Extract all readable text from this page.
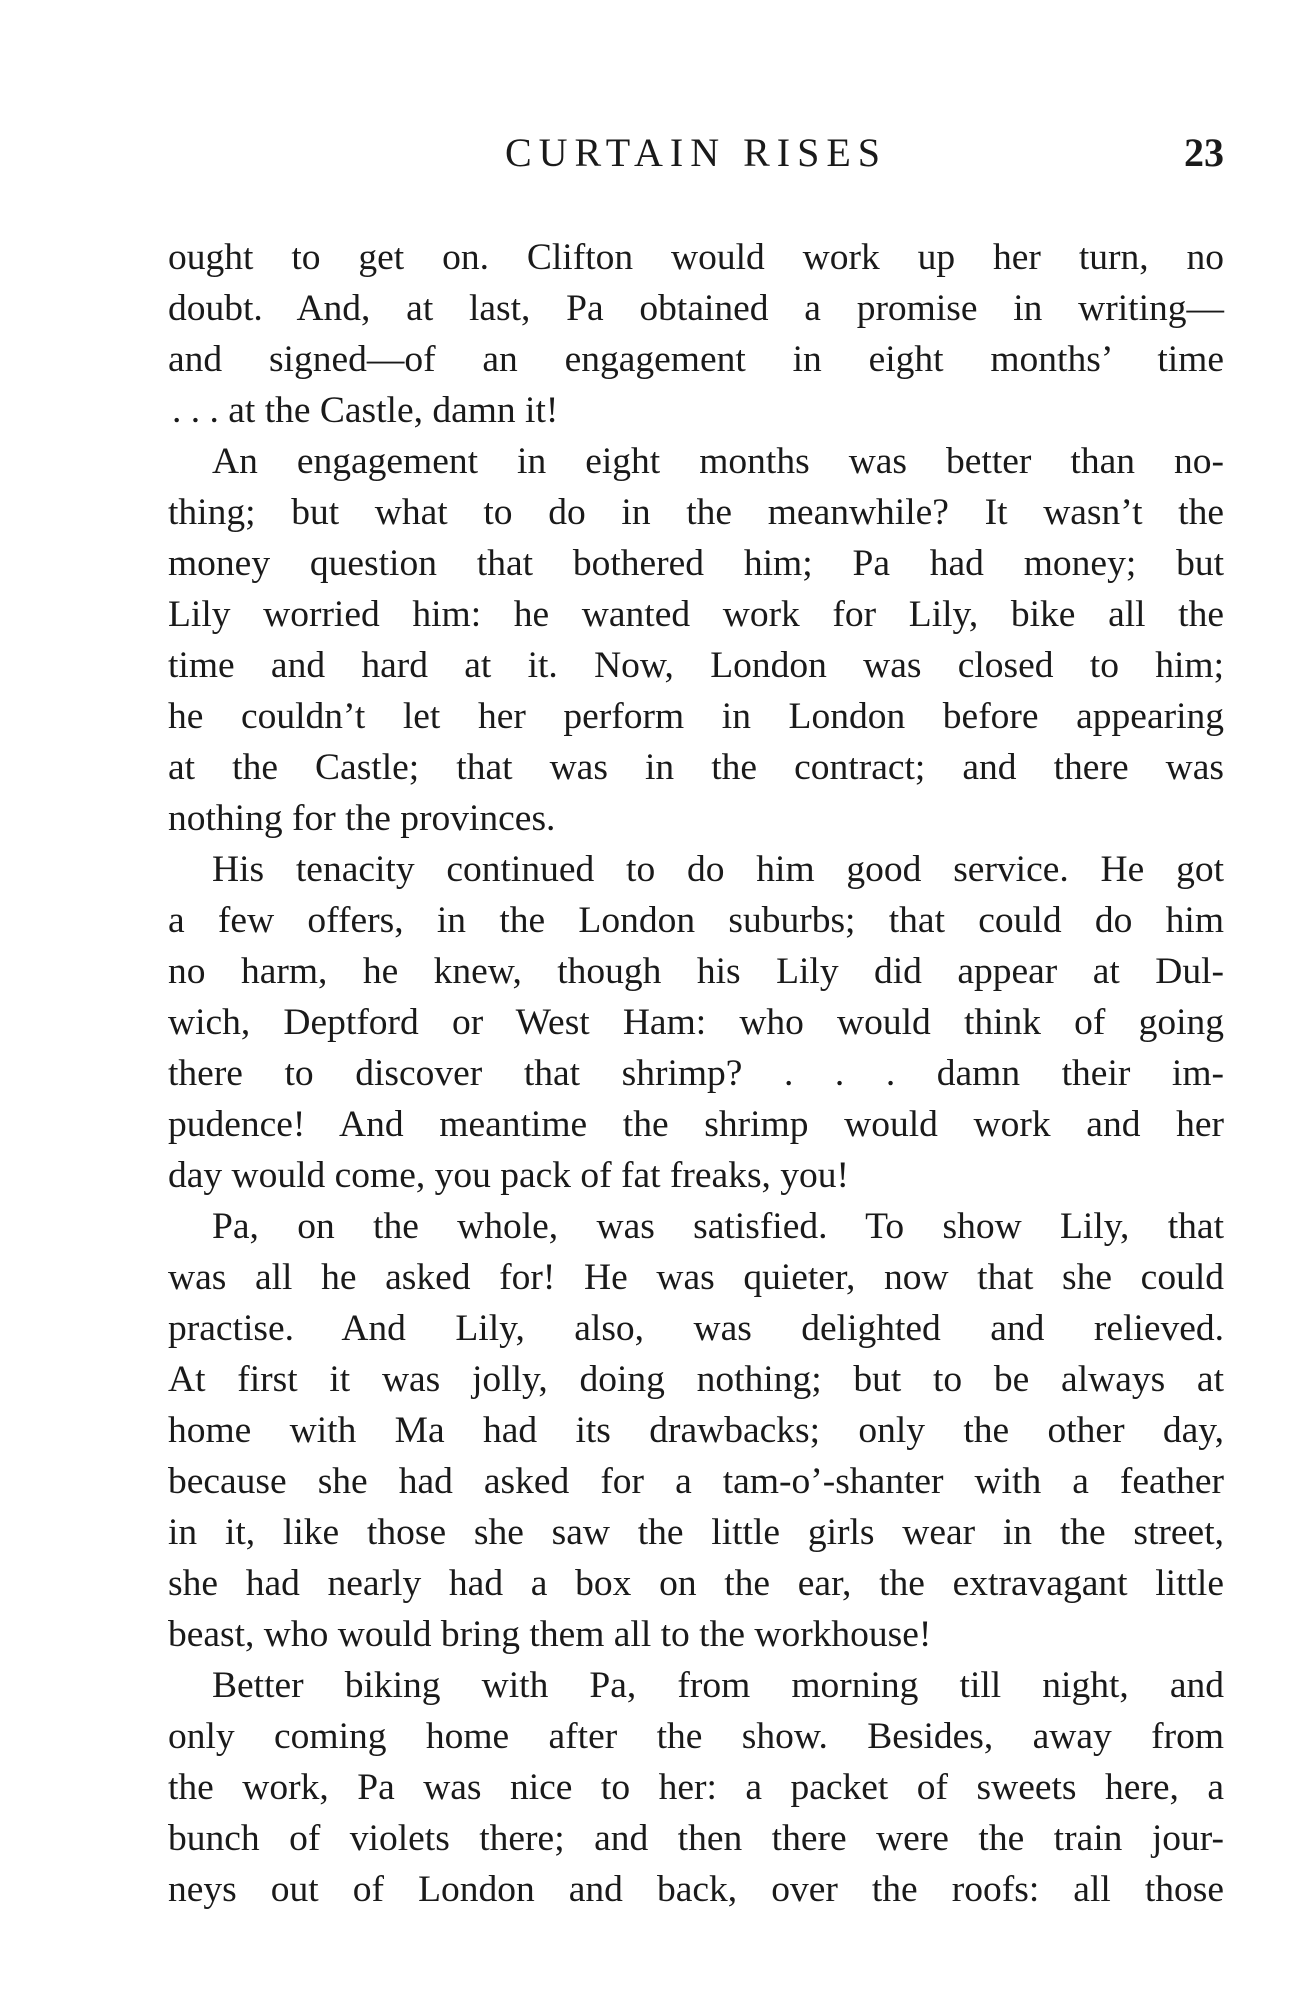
CURTAIN RISES	23
ought to get on. Clifton would work up her turn, no
doubt. And, at last, Pa obtained a promise in writing—
and signed—of an engagement in eight months’ time
. . . at the Castle, damn it!
An engagement in eight months was better than no-
thing; but what to do in the meanwhile? It wasn’t the
money question that bothered him; Pa had money; but
Lily worried him: he wanted work for Lily, bike all the
time and hard at it. Now, London was closed to him;
he couldn’t let her perform in London before appearing
at the Castle; that was in the contract; and there was
nothing for the provinces.
His tenacity continued to do him good service. He got
a few offers, in the London suburbs; that could do him
no harm, he knew, though his Lily did appear at Dul-
wich, Deptford or West Ham: who would think of going
there to discover that shrimp? . . . damn their im-
pudence! And meantime the shrimp would work and her
day would come, you pack of fat freaks, you!
Pa, on the whole, was satisfied. To show Lily, that
was all he asked for! He was quieter, now that she could
practise. And Lily, also, was delighted and relieved.
At first it was jolly, doing nothing; but to be always at
home with Ma had its drawbacks; only the other day,
because she had asked for a tam-o’-shanter with a feather
in it, like those she saw the little girls wear in the street,
she had nearly had a box on the ear, the extravagant little
beast, who would bring them all to the workhouse!
Better biking with Pa, from morning till night, and
only coming home after the show. Besides, away from
the work, Pa was nice to her: a packet of sweets here, a
bunch of violets there; and then there were the train jour-
neys out of London and back, over the roofs: all those
